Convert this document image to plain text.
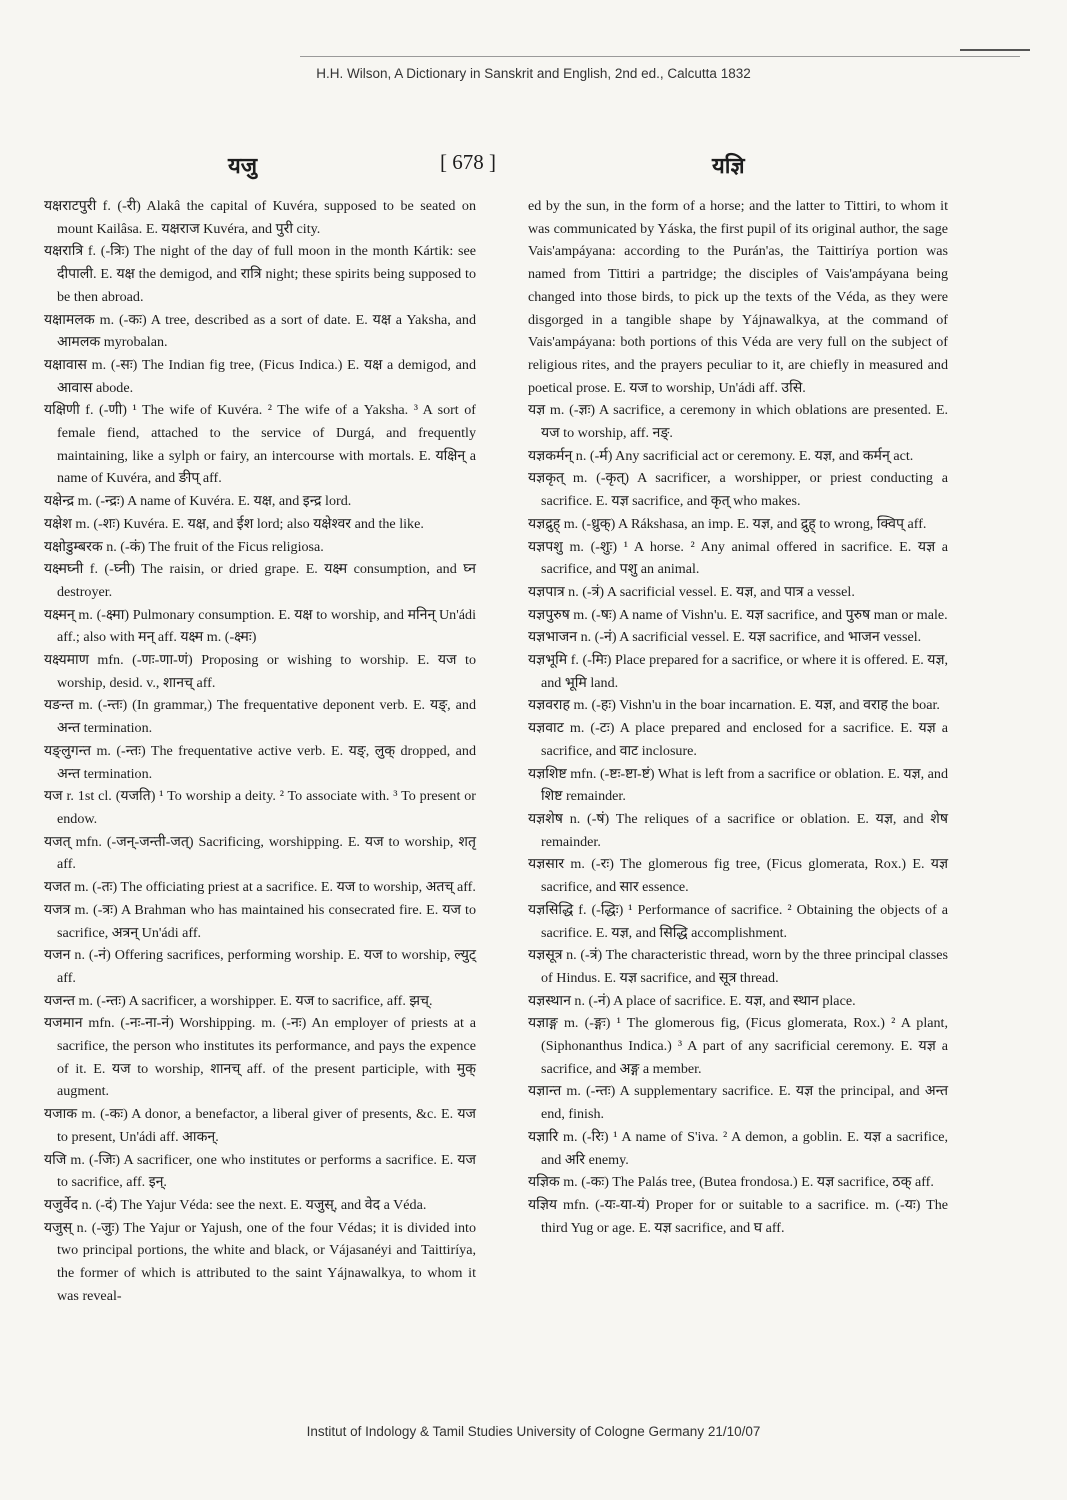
H.H. Wilson, A Dictionary in Sanskrit and English, 2nd ed., Calcutta 1832
यजु	[ 678 ]	यज्ञि

यक्षराटपुरी f. (-री) Alakâ the capital of Kuvéra, supposed to be seated on mount Kailâsa. E. यक्षराज Kuvéra, and पुरी city.

यक्षरात्रि f. (-त्रिः) The night of the day of full moon in the month Kártik: see दीपाली. E. यक्ष the demigod, and रात्रि night; these spirits being supposed to be then abroad.

यक्षामलक m. (-कः) A tree, described as a sort of date. E. यक्ष a Yaksha, and आमलक myrobalan.

यक्षावास m. (-सः) The Indian fig tree, (Ficus Indica.) E. यक्ष a demigod, and आवास abode.

यक्षिणी f. (-णी) ¹ The wife of Kuvéra. ² The wife of a Yaksha. ³ A sort of female fiend, attached to the service of Durgá, and frequently maintaining, like a sylph or fairy, an intercourse with mortals. E. यक्षिन् a name of Kuvéra, and ङीप् aff.

यक्षेन्द्र m. (-न्द्रः) A name of Kuvéra. E. यक्ष, and इन्द्र lord.

यक्षेश m. (-शः) Kuvéra. E. यक्ष, and ईश lord; also यक्षेश्वर and the like.

यक्षोडुम्बरक n. (-कं) The fruit of the Ficus religiosa.

यक्ष्मघ्नी f. (-घ्नी) The raisin, or dried grape. E. यक्ष्म consumption, and घ्न destroyer.

यक्ष्मन् m. (-क्ष्मा) Pulmonary consumption. E. यक्ष to worship, and मनिन् Un'ádi aff.; also with मन् aff. यक्ष्म m. (-क्ष्मः)

यक्ष्यमाण mfn. (-णः-णा-णं) Proposing or wishing to worship. E. यज to worship, desid. v., शानच् aff.

यङन्त m. (-न्तः) (In grammar,) The frequentative deponent verb. E. यङ्, and अन्त termination.

यङ्लुगन्त m. (-न्तः) The frequentative active verb. E. यङ्, लुक् dropped, and अन्त termination.

यज r. 1st cl. (यजति) ¹ To worship a deity. ² To associate with. ³ To present or endow.

यजत् mfn. (-जन्-जन्ती-जत्) Sacrificing, worshipping. E. यज to worship, शतृ aff.

यजत m. (-तः) The officiating priest at a sacrifice. E. यज to worship, अतच् aff.

यजत्र m. (-त्रः) A Brahman who has maintained his consecrated fire. E. यज to sacrifice, अत्रन् Un'ádi aff.

यजन n. (-नं) Offering sacrifices, performing worship. E. यज to worship, ल्युट् aff.

यजन्त m. (-न्तः) A sacrificer, a worshipper. E. यज to sacrifice, aff. झच्.

यजमान mfn. (-नः-ना-नं) Worshipping. m. (-नः) An employer of priests at a sacrifice, the person who institutes its performance, and pays the expence of it. E. यज to worship, शानच् aff. of the present participle, with मुक् augment.

यजाक m. (-कः) A donor, a benefactor, a liberal giver of presents, &c. E. यज to present, Un'ádi aff. आकन्.

यजि m. (-जिः) A sacrificer, one who institutes or performs a sacrifice. E. यज to sacrifice, aff. इन्.

यजुर्वेद n. (-दं) The Yajur Véda: see the next. E. यजुस्, and वेद a Véda.

यजुस् n. (-जुः) The Yajur or Yajush, one of the four Védas; it is divided into two principal portions, the white and black, or Vájasanéyi and Taittiríya, the former of which is attributed to the saint Yájnawalkya, to whom it was reveal-

ed by the sun, in the form of a horse; and the latter to Tittiri, to whom it was communicated by Yáska, the first pupil of its original author, the sage Vais'ampáyana: according to the Purán'as, the Taittiríya portion was named from Tittiri a partridge; the disciples of Vais'ampáyana being changed into those birds, to pick up the texts of the Véda, as they were disgorged in a tangible shape by Yájnawalkya, at the command of Vais'ampáyana: both portions of this Véda are very full on the subject of religious rites, and the prayers peculiar to it, are chiefly in measured and poetical prose. E. यज to worship, Un'ádi aff. उसि.

यज्ञ m. (-ज्ञः) A sacrifice, a ceremony in which oblations are presented. E. यज to worship, aff. नङ्.

यज्ञकर्मन् n. (-र्म) Any sacrificial act or ceremony. E. यज्ञ, and कर्मन् act.

यज्ञकृत् m. (-कृत्) A sacrificer, a worshipper, or priest conducting a sacrifice. E. यज्ञ sacrifice, and कृत् who makes.

यज्ञद्रुह् m. (-ध्रुक्) A Rákshasa, an imp. E. यज्ञ, and द्रुह् to wrong, क्विप् aff.

यज्ञपशु m. (-शुः) ¹ A horse. ² Any animal offered in sacrifice. E. यज्ञ a sacrifice, and पशु an animal.

यज्ञपात्र n. (-त्रं) A sacrificial vessel. E. यज्ञ, and पात्र a vessel.

यज्ञपुरुष m. (-षः) A name of Vishn'u. E. यज्ञ sacrifice, and पुरुष man or male.

यज्ञभाजन n. (-नं) A sacrificial vessel. E. यज्ञ sacrifice, and भाजन vessel.

यज्ञभूमि f. (-मिः) Place prepared for a sacrifice, or where it is offered. E. यज्ञ, and भूमि land.

यज्ञवराह m. (-हः) Vishn'u in the boar incarnation. E. यज्ञ, and वराह the boar.

यज्ञवाट m. (-टः) A place prepared and enclosed for a sacrifice. E. यज्ञ a sacrifice, and वाट inclosure.

यज्ञशिष्ट mfn. (-ष्टः-ष्टा-ष्टं) What is left from a sacrifice or oblation. E. यज्ञ, and शिष्ट remainder.

यज्ञशेष n. (-षं) The reliques of a sacrifice or oblation. E. यज्ञ, and शेष remainder.

यज्ञसार m. (-रः) The glomerous fig tree, (Ficus glomerata, Rox.) E. यज्ञ sacrifice, and सार essence.

यज्ञसिद्धि f. (-द्धिः) ¹ Performance of sacrifice. ² Obtaining the objects of a sacrifice. E. यज्ञ, and सिद्धि accomplishment.

यज्ञसूत्र n. (-त्रं) The characteristic thread, worn by the three principal classes of Hindus. E. यज्ञ sacrifice, and सूत्र thread.

यज्ञस्थान n. (-नं) A place of sacrifice. E. यज्ञ, and स्थान place.

यज्ञाङ्ग m. (-ङ्गः) ¹ The glomerous fig, (Ficus glomerata, Rox.) ² A plant, (Siphonanthus Indica.) ³ A part of any sacrificial ceremony. E. यज्ञ a sacrifice, and अङ्ग a member.

यज्ञान्त m. (-न्तः) A supplementary sacrifice. E. यज्ञ the principal, and अन्त end, finish.

यज्ञारि m. (-रिः) ¹ A name of S'iva. ² A demon, a goblin. E. यज्ञ a sacrifice, and अरि enemy.

यज्ञिक m. (-कः) The Palás tree, (Butea frondosa.) E. यज्ञ sacrifice, ठक् aff.

यज्ञिय mfn. (-यः-या-यं) Proper for or suitable to a sacrifice. m. (-यः) The third Yug or age. E. यज्ञ sacrifice, and घ aff.

Institut of Indology & Tamil Studies University of Cologne Germany 21/10/07
